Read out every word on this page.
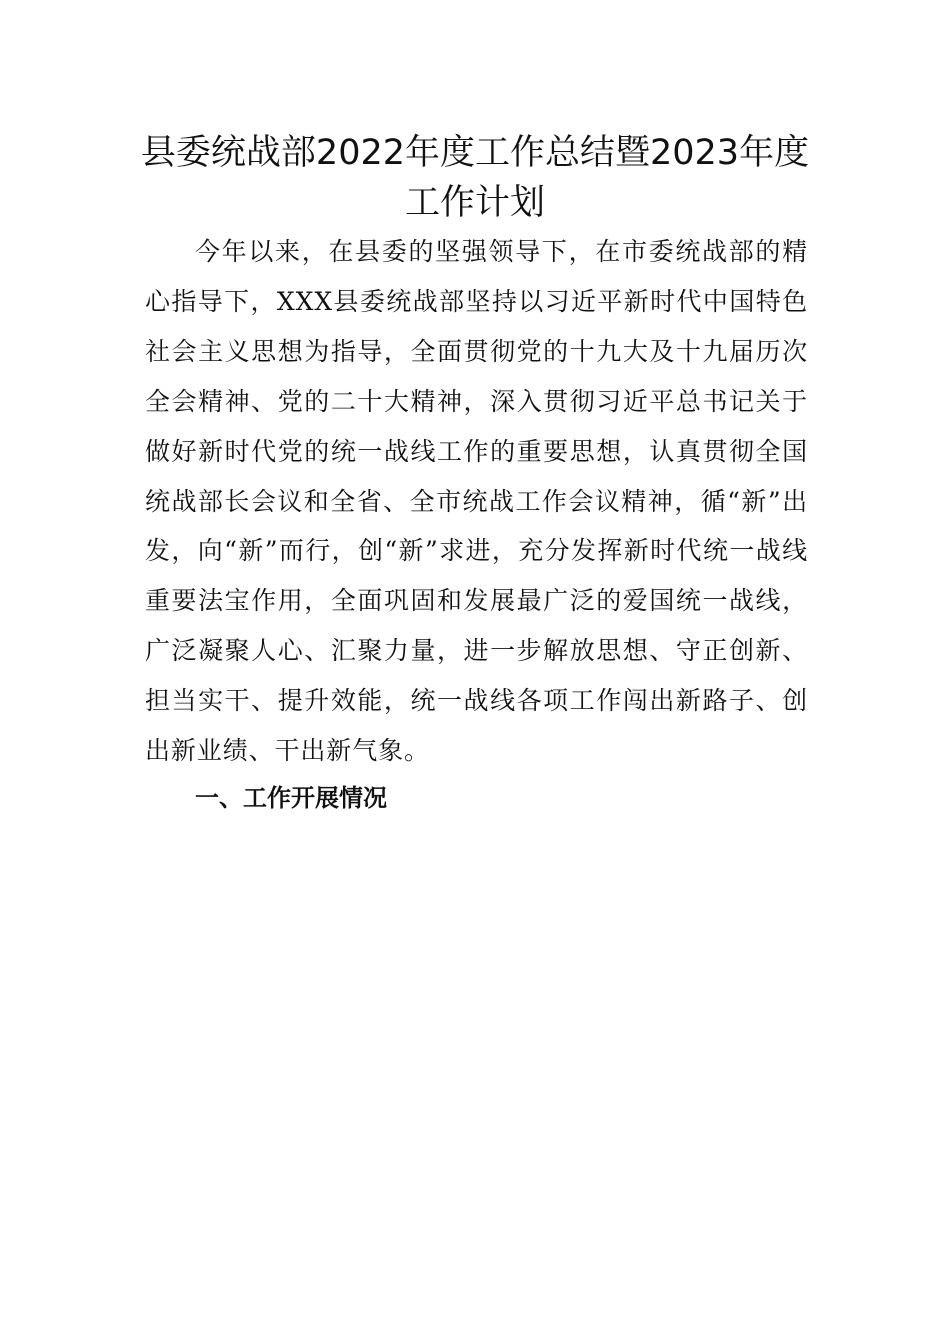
县委统战部2022年度工作总结暨2023年度
工作计划

今年以来，在县委的坚强领导下，在市委统战部的精心指导下，XXX县委统战部坚持以习近平新时代中国特色社会主义思想为指导，全面贯彻党的十九大及十九届历次全会精神、党的二十大精神，深入贯彻习近平总书记关于做好新时代党的统一战线工作的重要思想，认真贯彻全国统战部长会议和全省、全市统战工作会议精神，循“新”出发，向“新”而行，创“新”求进，充分发挥新时代统一战线重要法宝作用，全面巩固和发展最广泛的爱国统一战线，广泛凝聚人心、汇聚力量，进一步解放思想、守正创新、担当实干、提升效能，统一战线各项工作闯出新路子、创出新业绩、干出新气象。

一、工作开展情况
